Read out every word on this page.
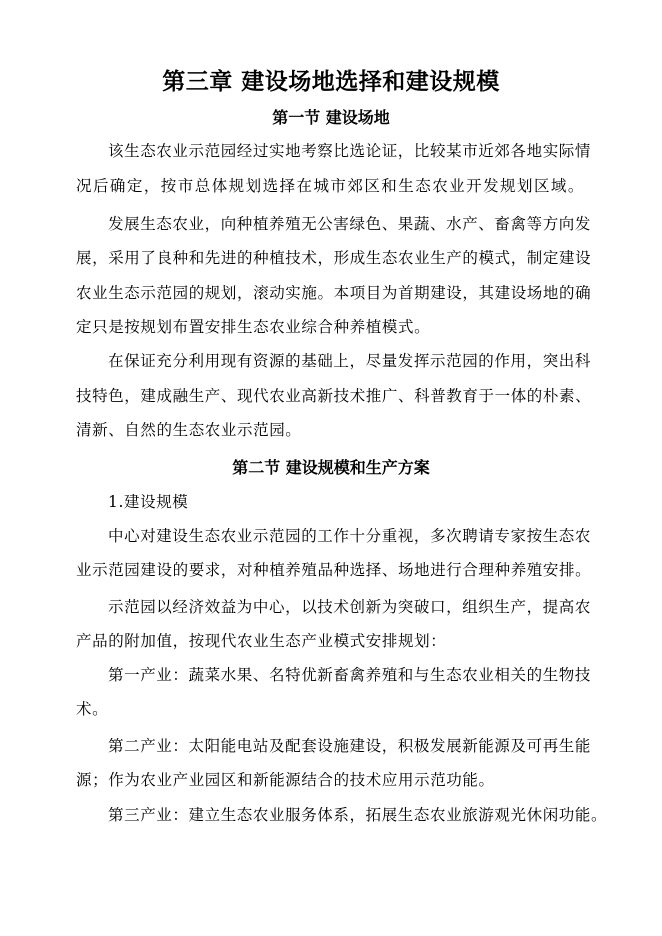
第三章 建设场地选择和建设规模
第一节 建设场地
该生态农业示范园经过实地考察比选论证，比较某市近郊各地实际情
况后确定，按市总体规划选择在城市郊区和生态农业开发规划区域。
发展生态农业，向种植养殖无公害绿色、果蔬、水产、畜禽等方向发
展，采用了良种和先进的种植技术，形成生态农业生产的模式，制定建设
农业生态示范园的规划，滚动实施。本项目为首期建设，其建设场地的确
定只是按规划布置安排生态农业综合种养植模式。
在保证充分利用现有资源的基础上，尽量发挥示范园的作用，突出科
技特色，建成融生产、现代农业高新技术推广、科普教育于一体的朴素、
清新、自然的生态农业示范园。
第二节 建设规模和生产方案
1.建设规模
中心对建设生态农业示范园的工作十分重视，多次聘请专家按生态农
业示范园建设的要求，对种植养殖品种选择、场地进行合理种养殖安排。
示范园以经济效益为中心，以技术创新为突破口，组织生产，提高农
产品的附加值，按现代农业生态产业模式安排规划：
第一产业：蔬菜水果、名特优新畜禽养殖和与生态农业相关的生物技
术。
第二产业：太阳能电站及配套设施建设，积极发展新能源及可再生能
源；作为农业产业园区和新能源结合的技术应用示范功能。
第三产业：建立生态农业服务体系，拓展生态农业旅游观光休闲功能。
